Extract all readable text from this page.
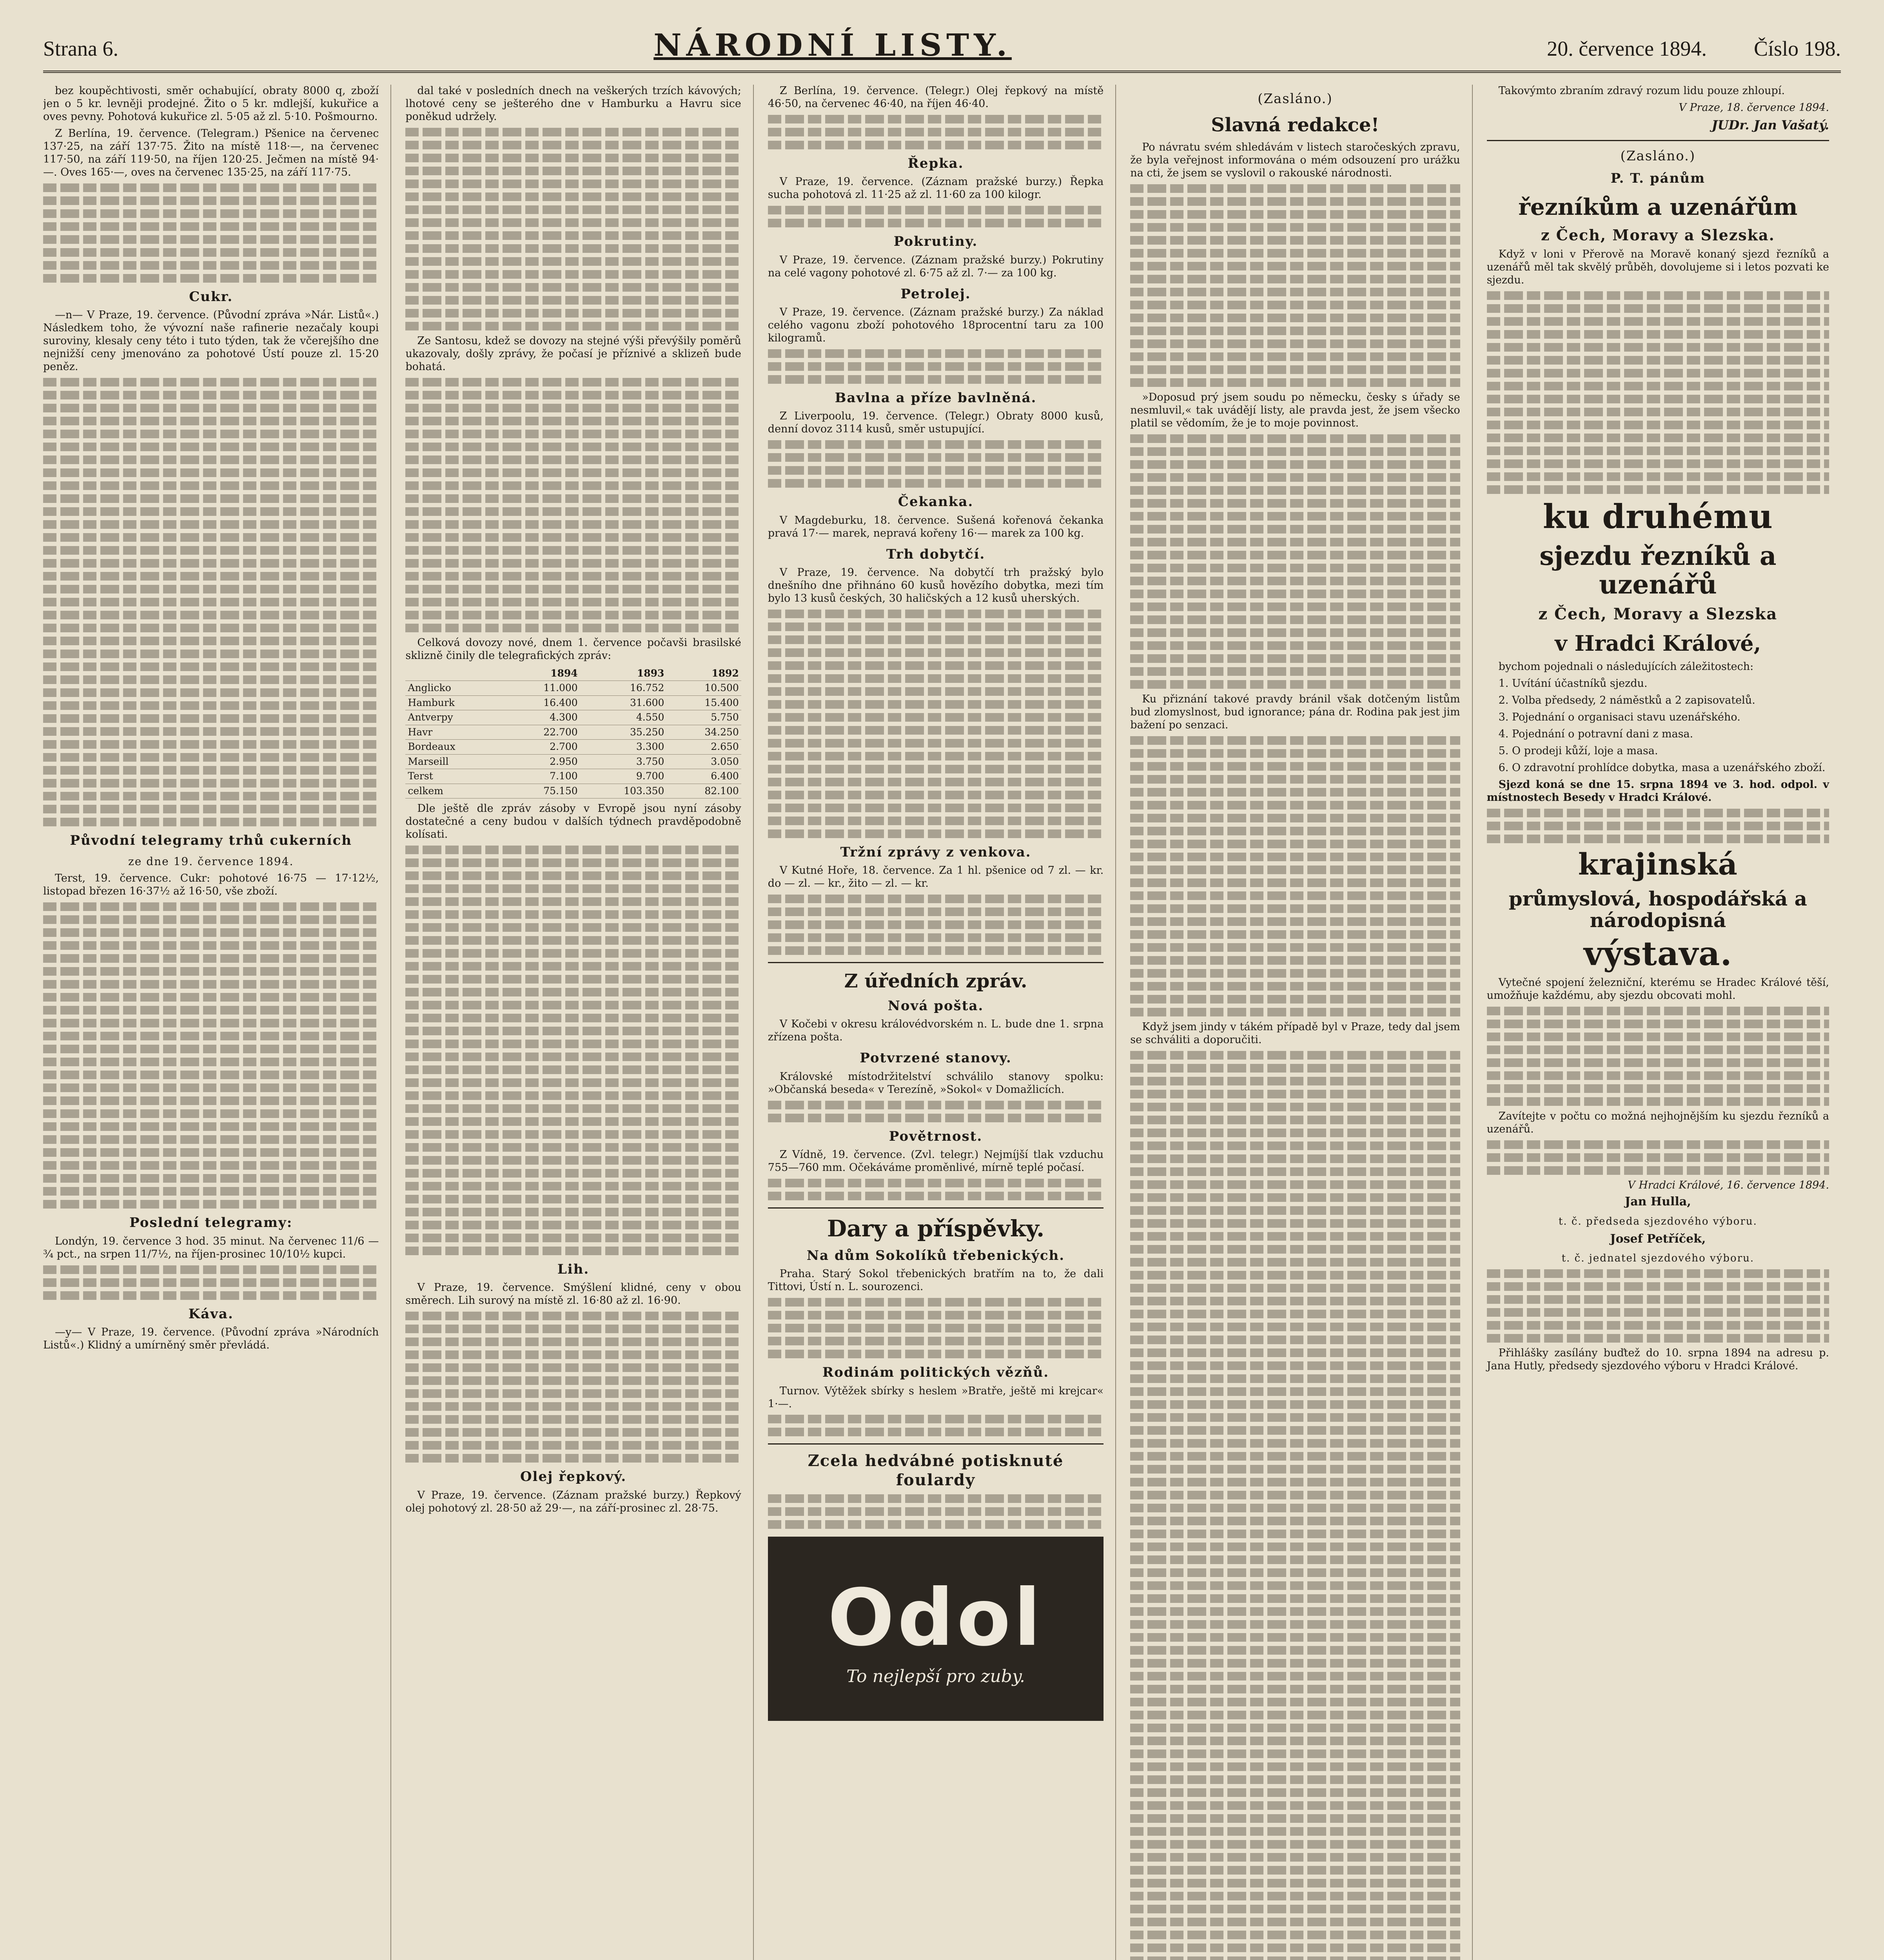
Strana 6.	NÁRODNÍ LISTY.	20. července 1894. Číslo 198.

bez koupěchtivosti, směr ochabující, obraty 8000 q, zboží jen o 5 kr. levněji prodejné. Žito o 5 kr. mdlejší, kukuřice a oves pevny. Pohotová kukuřice zl. 5·05 až zl. 5·10. Pošmourno.

Z Berlína, 19. července. (Telegram.) Pšenice na červenec 137·25, na září 137·75. Žito na místě 118·—, na červenec 117·50, na září 119·50, na říjen 120·25. Ječmen na místě 94·—. Oves 165·—, oves na červenec 135·25, na září 117·75.

Cukr.

—n— V Praze, 19. července. (Původní zpráva »Nár. Listů«.) Následkem toho, že vývozní naše rafinerie nezačaly koupi suroviny, klesaly ceny této i tuto týden, tak že včerejšího dne nejnižší ceny jmenováno za pohotové Ústí pouze zl. 15·20 peněz.

Původní telegramy trhů cukerních
ze dne 19. července 1894.

Terst, 19. července. Cukr: pohotové 16·75 — 17·12½, listopad březen 16·37½ až 16·50, vše zboží.

Poslední telegramy:

Londýn, 19. července 3 hod. 35 minut. Na červenec 11/6 — ¾ pct., na srpen 11/7½, na říjen-prosinec 10/10½ kupci.

Káva.

—y— V Praze, 19. července. (Původní zpráva »Národních Listů«.) Klidný a umírněný směr převládá.

dal také v posledních dnech na veškerých trzích kávových; lhotové ceny se ješterého dne v Hamburku a Havru sice poněkud udržely.

Ze Santosu, kdež se dovozy na stejné výši převýšily poměrů ukazovaly, došly zprávy, že počasí je příznivé a sklizeň bude bohatá.

Celková dovozy nové, dnem 1. července počavši brasilské sklizně činily dle telegrafických zpráv:

	1894	1893	1892
Anglicko	11.000	16.752	10.500
Hamburk	16.400	31.600	15.400
Antverpy	4.300	4.550	5.750
Havr	22.700	35.250	34.250
Bordeaux	2.700	3.300	2.650
Marseill	2.950	3.750	3.050
Terst	7.100	9.700	6.400
celkem	75.150	103.350	82.100

Dle ještě dle zpráv zásoby v Evropě jsou nyní zásoby dostatečné a ceny budou v dalších týdnech pravděpodobně kolísati.

Lih.

V Praze, 19. července. Smýšlení klidné, ceny v obou směrech. Lih surový na místě zl. 16·80 až zl. 16·90.

Olej řepkový.

V Praze, 19. července. (Záznam pražské burzy.) Řepkový olej pohotový zl. 28·50 až 29·—, na září-prosinec zl. 28·75.

Z Berlína, 19. července. (Telegr.) Olej řepkový na místě 46·50, na červenec 46·40, na říjen 46·40.

Řepka.

V Praze, 19. července. (Záznam pražské burzy.) Řepka sucha pohotová zl. 11·25 až zl. 11·60 za 100 kilogr.

Pokrutiny.

V Praze, 19. července. (Záznam pražské burzy.) Pokrutiny na celé vagony pohotové zl. 6·75 až zl. 7·— za 100 kg.

Petrolej.

V Praze, 19. července. (Záznam pražské burzy.) Za náklad celého vagonu zboží pohotového 18procentní taru za 100 kilogramů.

Bavlna a příze bavlněná.

Z Liverpoolu, 19. července. (Telegr.) Obraty 8000 kusů, denní dovoz 3114 kusů, směr ustupující.

Čekanka.

V Magdeburku, 18. července. Sušená kořenová čekanka pravá 17·— marek, nepravá kořeny 16·— marek za 100 kg.

Trh dobytčí.

V Praze, 19. července. Na dobytčí trh pražský bylo dnešního dne přihnáno 60 kusů hovězího dobytka, mezi tím bylo 13 kusů českých, 30 haličských a 12 kusů uherských.

Tržní zprávy z venkova.

V Kutné Hoře, 18. července. Za 1 hl. pšenice od 7 zl. — kr. do — zl. — kr., žito — zl. — kr.

Z úředních zpráv.
Nová pošta.

V Kočebi v okresu královédvorském n. L. bude dne 1. srpna zřízena pošta.

Potvrzené stanovy.

Královské místodržitelství schválilo stanovy spolku: »Občanská beseda« v Terezíně, »Sokol« v Domažlicích.

Povětrnost.

Z Vídně, 19. července. (Zvl. telegr.) Nejmíjší tlak vzduchu 755—760 mm. Očekáváme proměnlivé, mírně teplé počasí.

Dary a příspěvky.
Na dům Sokolíků třebenických.

Praha. Starý Sokol třebenických bratřím na to, že dali Tittovi, Ústí n. L. sourozenci.

Rodinám politických vězňů.

Turnov. Výtěžek sbírky s heslem »Bratře, ještě mi krejcar« 1·—.

Zcela hedvábné potisknuté foulardy
Odol
To nejlepší pro zuby.
(Zasláno.)
Slavná redakce!

Po návratu svém shledávám v listech staročeských zpravu, že byla veřejnost informována o mém odsouzení pro urážku na cti, že jsem se vyslovil o rakouské národnosti.

»Doposud prý jsem soudu po německu, česky s úřady se nesmluvil,« tak uvádějí listy, ale pravda jest, že jsem všecko platil se vědomím, že je to moje povinnost.

Ku přiznání takové pravdy bránil však dotčeným listům bud zlomyslnost, bud ignorance; pána dr. Rodina pak jest jim bažení po senzaci.

Když jsem jindy v tákém případě byl v Praze, tedy dal jsem se schváliti a doporučiti.

Takovýmto zbraním zdravý rozum lidu pouze zhloupí.

V Praze, 18. července 1894.
JUDr. Jan Vašatý.
(Zasláno.)
P. T. pánům
řezníkům a uzenářům
z Čech, Moravy a Slezska.

Když v loni v Přerově na Moravě konaný sjezd řezníků a uzenářů měl tak skvělý průběh, dovolujeme si i letos pozvati ke sjezdu.

ku druhému
sjezdu řezníků a uzenářů
z Čech, Moravy a Slezska
v Hradci Králové,

bychom pojednali o následujících záležitostech:

1. Uvítání účastníků sjezdu.

2. Volba předsedy, 2 náměstků a 2 zapisovatelů.

3. Pojednání o organisaci stavu uzenářského.

4. Pojednání o potravní dani z masa.

5. O prodeji kůží, loje a masa.

6. O zdravotní prohlídce dobytka, masa a uzenářského zboží.

Sjezd koná se dne 15. srpna 1894 ve 3. hod. odpol. v místnostech Besedy v Hradci Králové.

krajinská
průmyslová, hospodářská a národopisná
výstava.

Vytečné spojení železniční, kterému se Hradec Králové těší, umožňuje každému, aby sjezdu obcovati mohl.

Zavítejte v počtu co možná nejhojnějším ku sjezdu řezníků a uzenářů.

V Hradci Králové, 16. července 1894.
Jan Hulla,
t. č. předseda sjezdového výboru.
Josef Petříček,
t. č. jednatel sjezdového výboru.

Přihlášky zasílány buďtež do 10. srpna 1894 na adresu p. Jana Hutly, předsedy sjezdového výboru v Hradci Králové.
